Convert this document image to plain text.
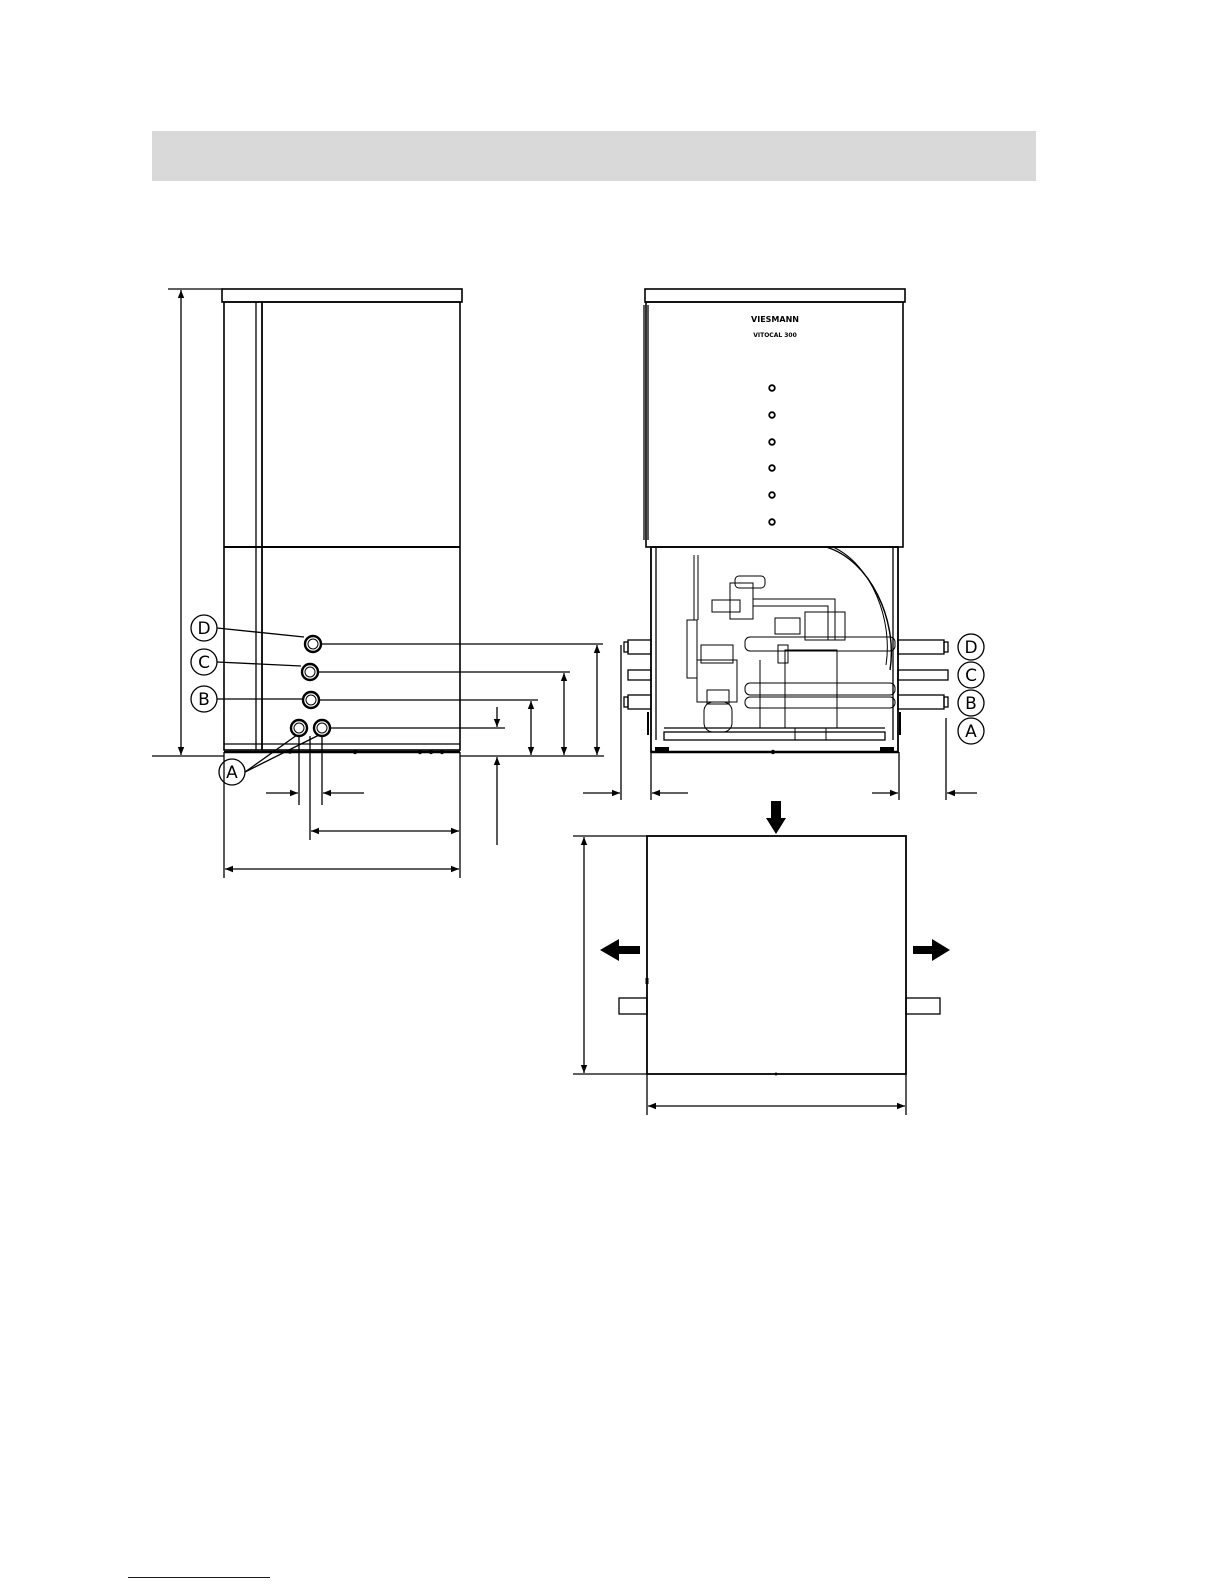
D
C
B
A
VIESMANN
VITOCAL 300
D
C
B
A
